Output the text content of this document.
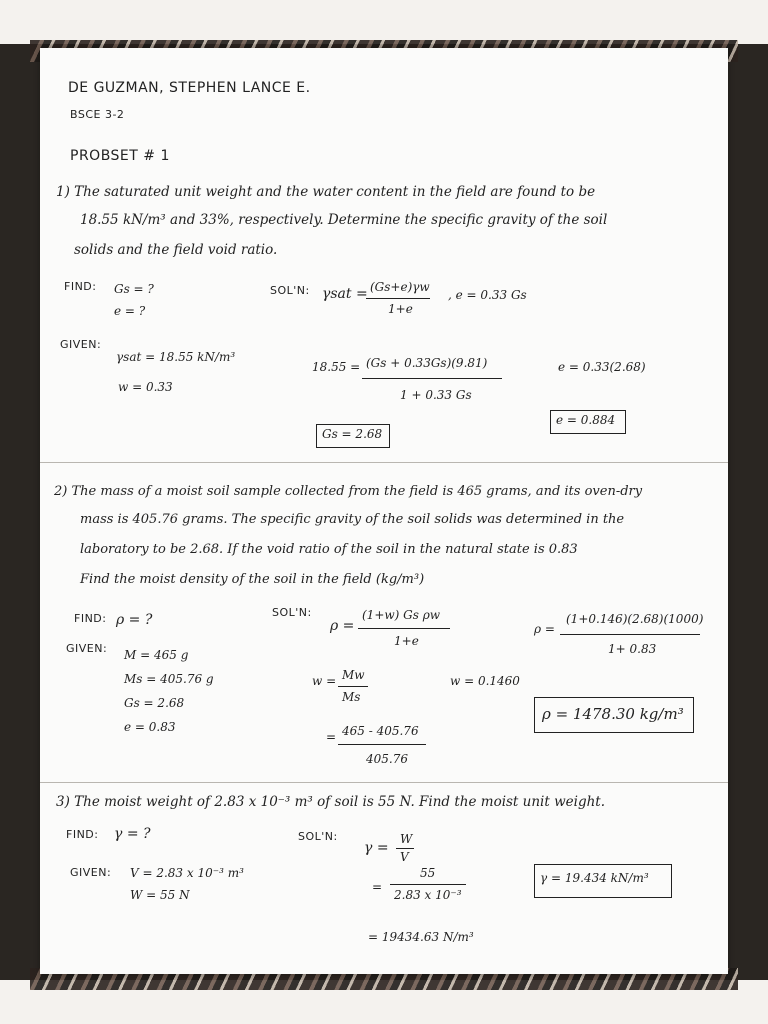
DE GUZMAN, STEPHEN LANCE E.
BSCE 3-2
PROBSET # 1
1) The saturated unit weight and the water content in the field are found to be
18.55 kN/m³ and 33%, respectively. Determine the specific gravity of the soil
solids and the field void ratio.
FIND: Gs = ?
e = ?
SOL'N: γsat = (Gs+e)γw
1+e
, e = 0.33 Gs
GIVEN:
γsat = 18.55 kN/m³
w = 0.33
18.55 = (Gs + 0.33Gs)(9.81)
1 + 0.33 Gs
e = 0.33(2.68)
e = 0.884
Gs = 2.68
2) The mass of a moist soil sample collected from the field is 465 grams, and its oven-dry
mass is 405.76 grams. The specific gravity of the soil solids was determined in the
laboratory to be 2.68. If the void ratio of the soil in the natural state is 0.83
Find the moist density of the soil in the field (kg/m³)
FIND: ρ = ?	SOL'N:
ρ =
(1+w) Gs ρw
1+e
ρ =
(1+0.146)(2.68)(1000)
1+ 0.83
GIVEN: M = 465 g
Ms = 405.76 g
Gs = 2.68
e = 0.83
w = Mw
Ms
w = 0.1460
= 465 - 405.76
405.76
ρ = 1478.30 kg/m³
3) The moist weight of 2.83 x 10⁻³ m³ of soil is 55 N. Find the moist unit weight.
FIND: γ = ?	SOL'N:
γ =
W
V
GIVEN: V = 2.83 x 10⁻³ m³
W = 55 N
=
55
2.83 x 10⁻³
γ = 19.434 kN/m³
= 19434.63 N/m³
